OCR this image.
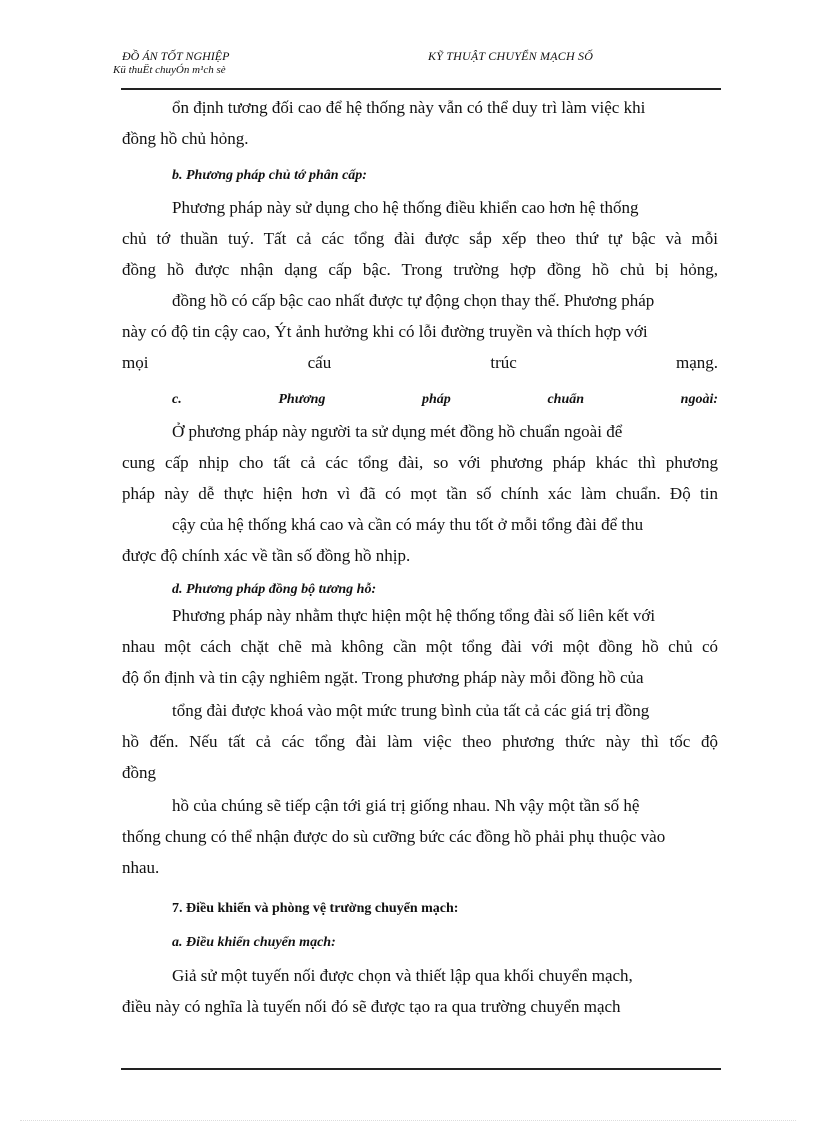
ĐỒ ÁN TỐT NGHIỆP
Kü thuËt chuyÓn m¹ch sè
KỸ THUẬT CHUYỂN MẠCH SỐ
ổn định tương đối cao để hệ thống này vẫn có thể duy trì làm việc khi
đồng hồ chủ hỏng.
b. Phương pháp chủ tớ phân cấp:
Phương pháp này sử dụng cho hệ thống điều khiển cao hơn hệ thống
chủ tớ thuần tuý. Tất cả các tổng đài được sắp xếp theo thứ tự bậc và mỗi
đồng hồ được nhận dạng cấp bậc. Trong trường hợp đồng hồ chủ bị hỏng,
đồng hồ có cấp bậc cao nhất được tự động chọn thay thế. Phương pháp
này có độ tin cậy cao, Ýt ảnh hưởng khi có lỗi đường truyền và thích hợp với
mọi cấu trúc mạng.
c. Phương pháp chuẩn ngoài:
Ở phương pháp này người ta sử dụng mét đồng hồ chuẩn ngoài để
cung cấp nhịp cho tất cả các tổng đài, so với phương pháp khác thì phương
pháp này dễ thực hiện hơn vì đã có mọt tần số chính xác làm chuẩn. Độ tin
cậy của hệ thống khá cao và cần có máy thu tốt ở mỗi tổng đài để thu
được độ chính xác về tần số đồng hồ nhịp.
d. Phương pháp đồng bộ tương hỗ:
Phương pháp này nhằm thực hiện một hệ thống tổng đài số liên kết với
nhau một cách chặt chẽ mà không cần một tổng đài với một đồng hồ chủ có
độ ổn định và tin cậy nghiêm ngặt. Trong phương pháp này mỗi đồng hồ của
tổng đài được khoá vào một mức trung bình của tất cả các giá trị đồng
hồ đến. Nếu tất cả các tổng đài làm việc theo phương thức này thì tốc độ
đồng
hồ của chúng sẽ tiếp cận tới giá trị giống nhau. Nh vậy một tần số hệ
thống chung có thể nhận được do sù cưỡng bức các đồng hồ phải phụ thuộc vào
nhau.
7. Điều khiển và phòng vệ trường chuyển mạch:
a. Điều khiển chuyển mạch:
Giả sử một tuyến nối được chọn và thiết lập qua khối chuyển mạch,
điều này có nghĩa là tuyến nối đó sẽ được tạo ra qua trường chuyển mạch
